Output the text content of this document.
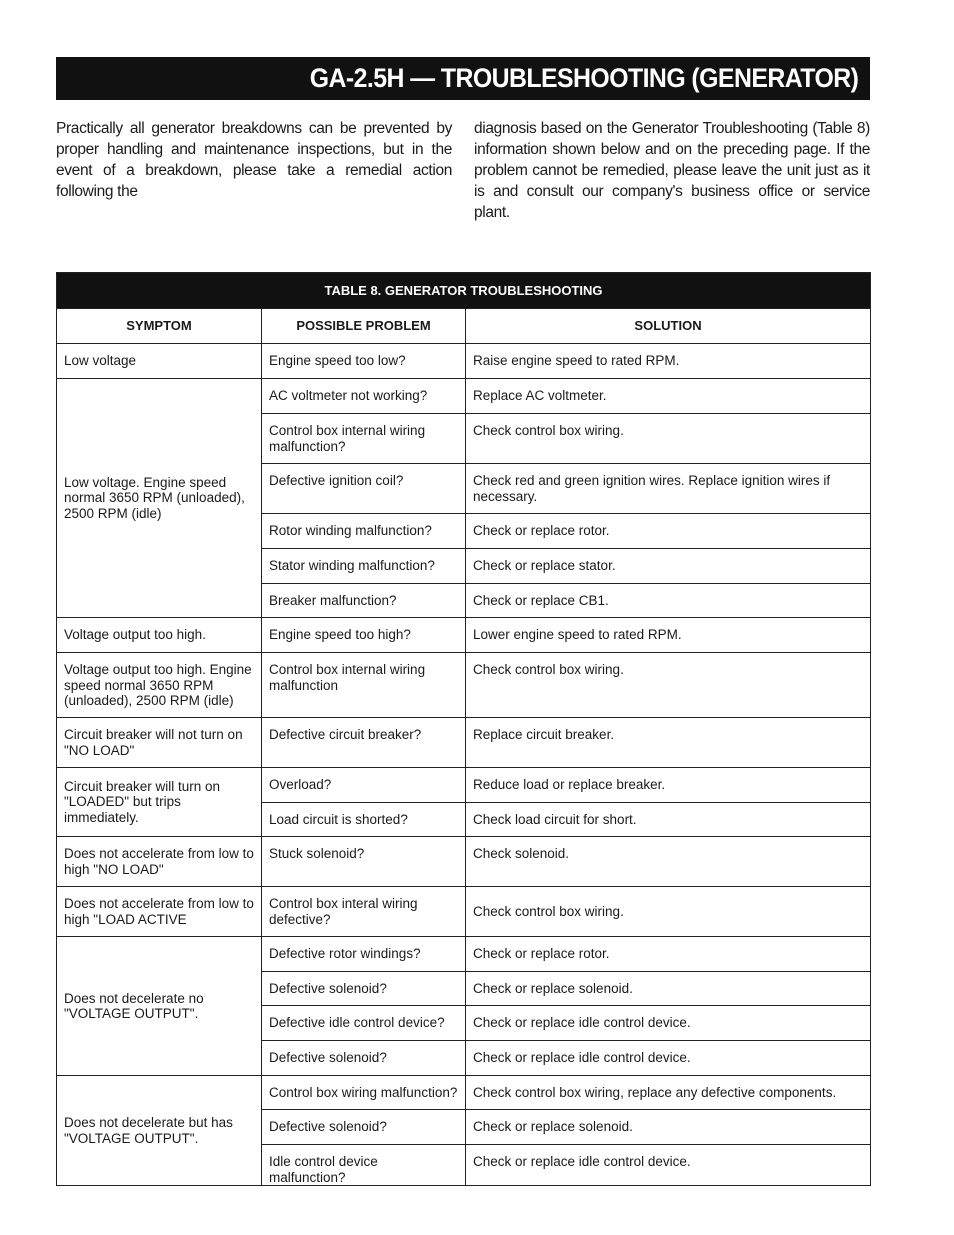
GA-2.5H — TROUBLESHOOTING (GENERATOR)

Practically all generator breakdowns can be prevented by proper handling and maintenance inspections, but in the event of a breakdown, please take a remedial action following the

diagnosis based on the Generator Troubleshooting (Table 8) information shown below and on the preceding page. If the problem cannot be remedied, please leave the unit just as it is and consult our company's business office or service plant.

TABLE 8. GENERATOR TROUBLESHOOTING		
SYMPTOM	POSSIBLE PROBLEM	SOLUTION
Low voltage	Engine speed too low?	Raise engine speed to rated RPM.
Low voltage. Engine speed normal 3650 RPM (unloaded), 2500 RPM (idle)	AC voltmeter not working?	Replace AC voltmeter.
	Control box internal wiring malfunction?	Check control box wiring.
	Defective ignition coil?	Check red and green ignition wires. Replace ignition wires if necessary.
	Rotor winding malfunction?	Check or replace rotor.
	Stator winding malfunction?	Check or replace stator.
	Breaker malfunction?	Check or replace CB1.
Voltage output too high.	Engine speed too high?	Lower engine speed to rated RPM.
Voltage output too high. Engine speed normal 3650 RPM (unloaded), 2500 RPM (idle)	Control box internal wiring malfunction	Check control box wiring.
Circuit breaker will not turn on "NO LOAD"	Defective circuit breaker?	Replace circuit breaker.
Circuit breaker will turn on "LOADED" but trips immediately.	Overload?	Reduce load or replace breaker.
	Load circuit is shorted?	Check load circuit for short.
Does not accelerate from low to high "NO LOAD"	Stuck solenoid?	Check solenoid.
Does not accelerate from low to high "LOAD ACTIVE	Control box interal wiring defective?	Check control box wiring.
Does not decelerate no "VOLTAGE OUTPUT".	Defective rotor windings?	Check or replace rotor.
	Defective solenoid?	Check or replace solenoid.
	Defective idle control device?	Check or replace idle control device.
	Defective solenoid?	Check or replace idle control device.
Does not decelerate but has "VOLTAGE OUTPUT".	Control box wiring malfunction?	Check control box wiring, replace any defective components.
	Defective solenoid?	Check or replace solenoid.
	Idle control device malfunction?	Check or replace idle control device.
